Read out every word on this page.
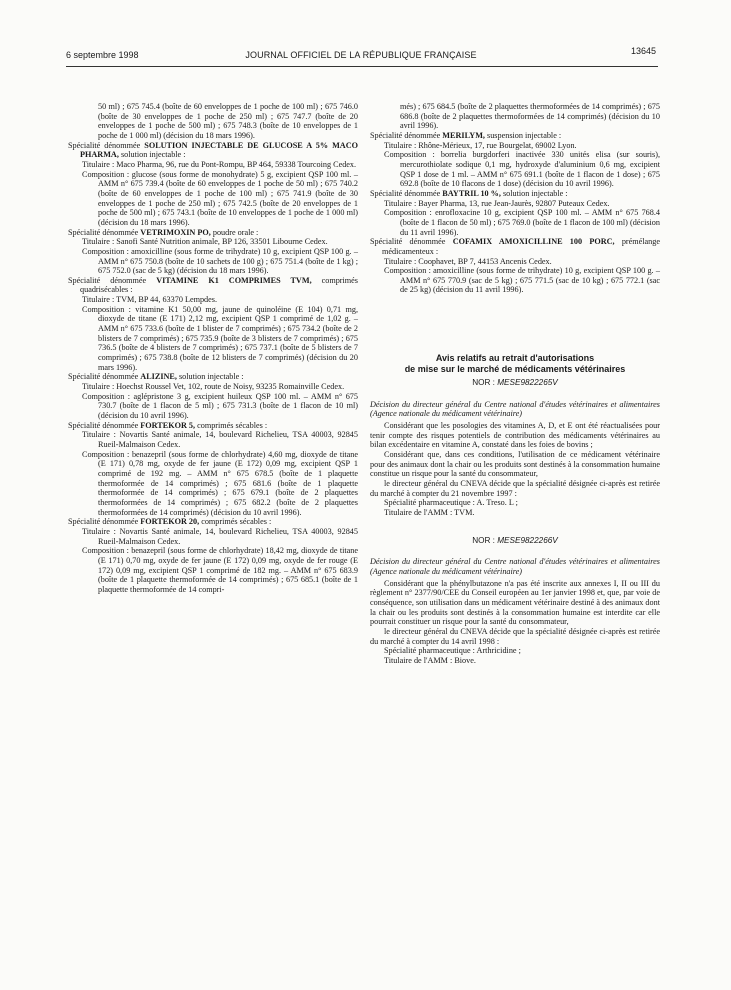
6 septembre 1998	JOURNAL OFFICIEL DE LA RÉPUBLIQUE FRANÇAISE	13645

50 ml) ; 675 745.4 (boîte de 60 enveloppes de 1 poche de 100 ml) ; 675 746.0 (boîte de 30 enveloppes de 1 poche de 250 ml) ; 675 747.7 (boîte de 20 enveloppes de 1 poche de 500 ml) ; 675 748.3 (boîte de 10 enveloppes de 1 poche de 1 000 ml) (décision du 18 mars 1996).

Spécialité dénommée SOLUTION INJECTABLE DE GLUCOSE A 5% MACO PHARMA, solution injectable :

Titulaire : Maco Pharma, 96, rue du Pont-Rompu, BP 464, 59338 Tourcoing Cedex.

Composition : glucose (sous forme de monohydrate) 5 g, excipient QSP 100 ml. – AMM n° 675 739.4 (boîte de 60 enveloppes de 1 poche de 50 ml) ; 675 740.2 (boîte de 60 enveloppes de 1 poche de 100 ml) ; 675 741.9 (boîte de 30 enveloppes de 1 poche de 250 ml) ; 675 742.5 (boîte de 20 enveloppes de 1 poche de 500 ml) ; 675 743.1 (boîte de 10 enveloppes de 1 poche de 1 000 ml) (décision du 18 mars 1996).

Spécialité dénommée VETRIMOXIN PO, poudre orale :

Titulaire : Sanofi Santé Nutrition animale, BP 126, 33501 Libourne Cedex.

Composition : amoxicilline (sous forme de trihydrate) 10 g, excipient QSP 100 g. – AMM n° 675 750.8 (boîte de 10 sachets de 100 g) ; 675 751.4 (boîte de 1 kg) ; 675 752.0 (sac de 5 kg) (décision du 18 mars 1996).

Spécialité dénommée VITAMINE K1 COMPRIMES TVM, comprimés quadrisécables :

Titulaire : TVM, BP 44, 63370 Lempdes.

Composition : vitamine K1 50,00 mg, jaune de quinoléine (E 104) 0,71 mg, dioxyde de titane (E 171) 2,12 mg, excipient QSP 1 comprimé de 1,02 g. – AMM n° 675 733.6 (boîte de 1 blister de 7 comprimés) ; 675 734.2 (boîte de 2 blisters de 7 comprimés) ; 675 735.9 (boîte de 3 blisters de 7 comprimés) ; 675 736.5 (boîte de 4 blisters de 7 comprimés) ; 675 737.1 (boîte de 5 blisters de 7 comprimés) ; 675 738.8 (boîte de 12 blisters de 7 comprimés) (décision du 20 mars 1996).

Spécialité dénommée ALIZINE, solution injectable :

Titulaire : Hoechst Roussel Vet, 102, route de Noisy, 93235 Romainville Cedex.

Composition : aglépristone 3 g, excipient huileux QSP 100 ml. – AMM n° 675 730.7 (boîte de 1 flacon de 5 ml) ; 675 731.3 (boîte de 1 flacon de 10 ml) (décision du 10 avril 1996).

Spécialité dénommée FORTEKOR 5, comprimés sécables :

Titulaire : Novartis Santé animale, 14, boulevard Richelieu, TSA 40003, 92845 Rueil-Malmaison Cedex.

Composition : benazepril (sous forme de chlorhydrate) 4,60 mg, dioxyde de titane (E 171) 0,78 mg, oxyde de fer jaune (E 172) 0,09 mg, excipient QSP 1 comprimé de 192 mg. – AMM n° 675 678.5 (boîte de 1 plaquette thermoformée de 14 comprimés) ; 675 681.6 (boîte de 1 plaquette thermoformée de 14 comprimés) ; 675 679.1 (boîte de 2 plaquettes thermoformées de 14 comprimés) ; 675 682.2 (boîte de 2 plaquettes thermoformées de 14 comprimés) (décision du 10 avril 1996).

Spécialité dénommée FORTEKOR 20, comprimés sécables :

Titulaire : Novartis Santé animale, 14, boulevard Richelieu, TSA 40003, 92845 Rueil-Malmaison Cedex.

Composition : benazepril (sous forme de chlorhydrate) 18,42 mg, dioxyde de titane (E 171) 0,70 mg, oxyde de fer jaune (E 172) 0,09 mg, oxyde de fer rouge (E 172) 0,09 mg, excipient QSP 1 comprimé de 182 mg. – AMM n° 675 683.9 (boîte de 1 plaquette thermoformée de 14 comprimés) ; 675 685.1 (boîte de 1 plaquette thermoformée de 14 compri-

més) ; 675 684.5 (boîte de 2 plaquettes thermoformées de 14 comprimés) ; 675 686.8 (boîte de 2 plaquettes thermoformées de 14 comprimés) (décision du 10 avril 1996).

Spécialité dénommée MERILYM, suspension injectable :

Titulaire : Rhône-Mérieux, 17, rue Bourgelat, 69002 Lyon.

Composition : borrelia burgdorferi inactivée 330 unités elisa (sur souris), mercurothiolate sodique 0,1 mg, hydroxyde d'aluminium 0,6 mg, excipient QSP 1 dose de 1 ml. – AMM n° 675 691.1 (boîte de 1 flacon de 1 dose) ; 675 692.8 (boîte de 10 flacons de 1 dose) (décision du 10 avril 1996).

Spécialité dénommée BAYTRIL 10 %, solution injectable :

Titulaire : Bayer Pharma, 13, rue Jean-Jaurès, 92807 Puteaux Cedex.

Composition : enrofloxacine 10 g, excipient QSP 100 ml. – AMM n° 675 768.4 (boîte de 1 flacon de 50 ml) ; 675 769.0 (boîte de 1 flacon de 100 ml) (décision du 11 avril 1996).

Spécialité dénommée COFAMIX AMOXICILLINE 100 PORC, prémélange médicamenteux :

Titulaire : Coophavet, BP 7, 44153 Ancenis Cedex.

Composition : amoxicilline (sous forme de trihydrate) 10 g, excipient QSP 100 g. – AMM n° 675 770.9 (sac de 5 kg) ; 675 771.5 (sac de 10 kg) ; 675 772.1 (sac de 25 kg) (décision du 11 avril 1996).

Avis relatifs au retrait d'autorisations
de mise sur le marché de médicaments vétérinaires

NOR : MESE9822265V

Décision du directeur général du Centre national d'études vétérinaires et alimentaires (Agence nationale du médicament vétérinaire)

Considérant que les posologies des vitamines A, D, et E ont été réactualisées pour tenir compte des risques potentiels de contribution des médicaments vétérinaires au bilan excédentaire en vitamine A, constaté dans les foies de bovins ;

Considérant que, dans ces conditions, l'utilisation de ce médicament vétérinaire pour des animaux dont la chair ou les produits sont destinés à la consommation humaine constitue un risque pour la santé du consommateur,

le directeur général du CNEVA décide que la spécialité désignée ci-après est retirée du marché à compter du 21 novembre 1997 :

Spécialité pharmaceutique : A. Treso. L ;

Titulaire de l'AMM : TVM.

NOR : MESE9822266V

Décision du directeur général du Centre national d'études vétérinaires et alimentaires (Agence nationale du médicament vétérinaire)

Considérant que la phénylbutazone n'a pas été inscrite aux annexes I, II ou III du règlement n° 2377/90/CEE du Conseil européen au 1er janvier 1998 et, que, par voie de conséquence, son utilisation dans un médicament vétérinaire destiné à des animaux dont la chair ou les produits sont destinés à la consommation humaine est interdite car elle pourrait constituer un risque pour la santé du consommateur,

le directeur général du CNEVA décide que la spécialité désignée ci-après est retirée du marché à compter du 14 avril 1998 :

Spécialité pharmaceutique : Arthricidine ;

Titulaire de l'AMM : Biove.
